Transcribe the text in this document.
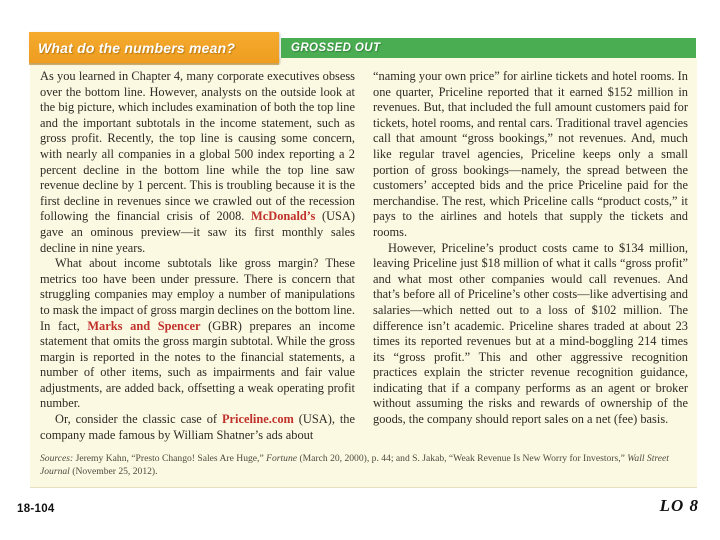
What do the numbers mean?	GROSSED OUT

As you learned in Chapter 4, many corporate executives obsess over the bottom line. However, analysts on the outside look at the big picture, which includes examination of both the top line and the important subtotals in the income statement, such as gross profit. Recently, the top line is causing some concern, with nearly all companies in a global 500 index reporting a 2 percent decline in the bottom line while the top line saw revenue decline by 1 percent. This is troubling because it is the first decline in revenues since we crawled out of the recession following the financial crisis of 2008. McDonald’s (USA) gave an ominous preview—it saw its first monthly sales decline in nine years.

What about income subtotals like gross margin? These metrics too have been under pressure. There is concern that struggling companies may employ a number of manipulations to mask the impact of gross margin declines on the bottom line. In fact, Marks and Spencer (GBR) prepares an income statement that omits the gross margin subtotal. While the gross margin is reported in the notes to the financial statements, a number of other items, such as impairments and fair value adjustments, are added back, offsetting a weak operating profit number.

Or, consider the classic case of Priceline.com (USA), the company made famous by William Shatner’s ads about

“naming your own price” for airline tickets and hotel rooms. In one quarter, Priceline reported that it earned $152 million in revenues. But, that included the full amount customers paid for tickets, hotel rooms, and rental cars. Traditional travel agencies call that amount “gross bookings,” not revenues. And, much like regular travel agencies, Priceline keeps only a small portion of gross bookings—namely, the spread between the customers’ accepted bids and the price Priceline paid for the merchandise. The rest, which Priceline calls “product costs,” it pays to the airlines and hotels that supply the tickets and rooms.

However, Priceline’s product costs came to $134 million, leaving Priceline just $18 million of what it calls “gross profit” and what most other companies would call revenues. And that’s before all of Priceline’s other costs—like advertising and salaries—which netted out to a loss of $102 million. The difference isn’t academic. Priceline shares traded at about 23 times its reported revenues but at a mind-boggling 214 times its “gross profit.” This and other aggressive recognition practices explain the stricter revenue recognition guidance, indicating that if a company performs as an agent or broker without assuming the risks and rewards of ownership of the goods, the company should report sales on a net (fee) basis.

Sources: Jeremy Kahn, “Presto Chango! Sales Are Huge,” Fortune (March 20, 2000), p. 44; and S. Jakab, “Weak Revenue Is New Worry for Investors,” Wall Street Journal (November 25, 2012).
18-104	LO 8
